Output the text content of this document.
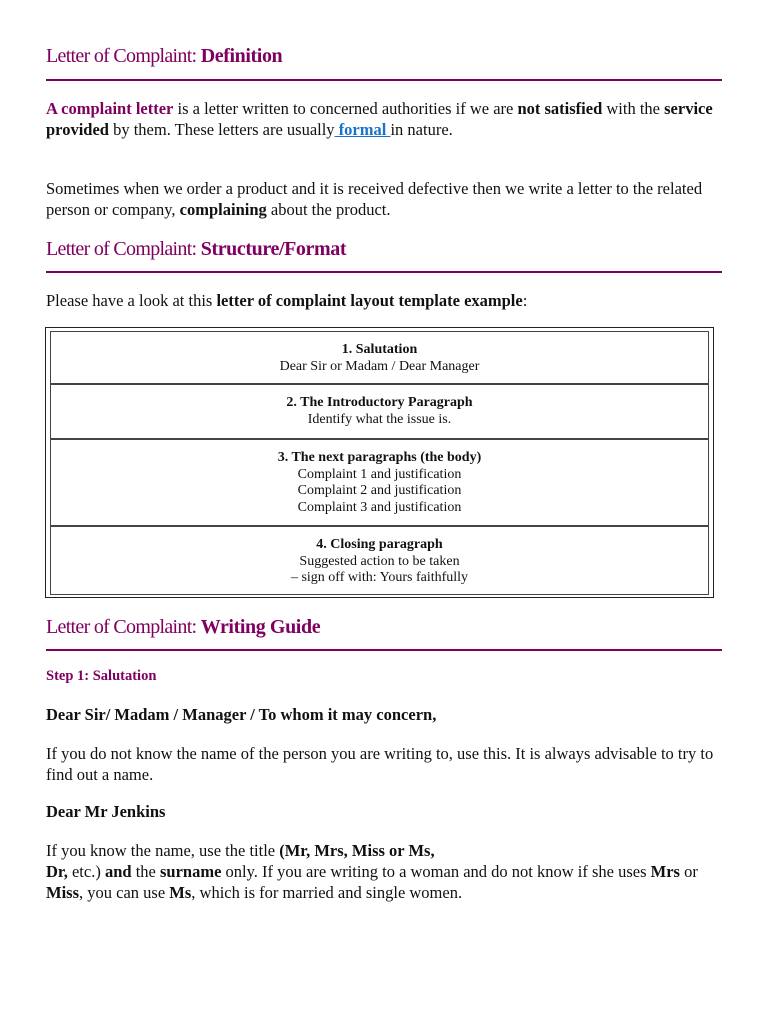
Letter of Complaint: Definition

A complaint letter is a letter written to concerned authorities if we are not satisfied with the service provided by them. These letters are usually formal in nature.

Sometimes when we order a product and it is received defective then we write a letter to the related person or company, complaining about the product.

Letter of Complaint: Structure/Format

Please have a look at this letter of complaint layout template example:

1. Salutation
Dear Sir or Madam / Dear Manager
2. The Introductory Paragraph
Identify what the issue is.
3. The next paragraphs (the body)
Complaint 1 and justification
Complaint 2 and justification
Complaint 3 and justification
4. Closing paragraph
Suggested action to be taken
– sign off with: Yours faithfully
Letter of Complaint: Writing Guide
Step 1: Salutation
Dear Sir/ Madam / Manager / To whom it may concern,

If you do not know the name of the person you are writing to, use this. It is always advisable to try to find out a name.

Dear Mr Jenkins

If you know the name, use the title (Mr, Mrs, Miss or Ms,
Dr, etc.) and the surname only. If you are writing to a woman and do not know if she uses Mrs or Miss, you can use Ms, which is for married and single women.
